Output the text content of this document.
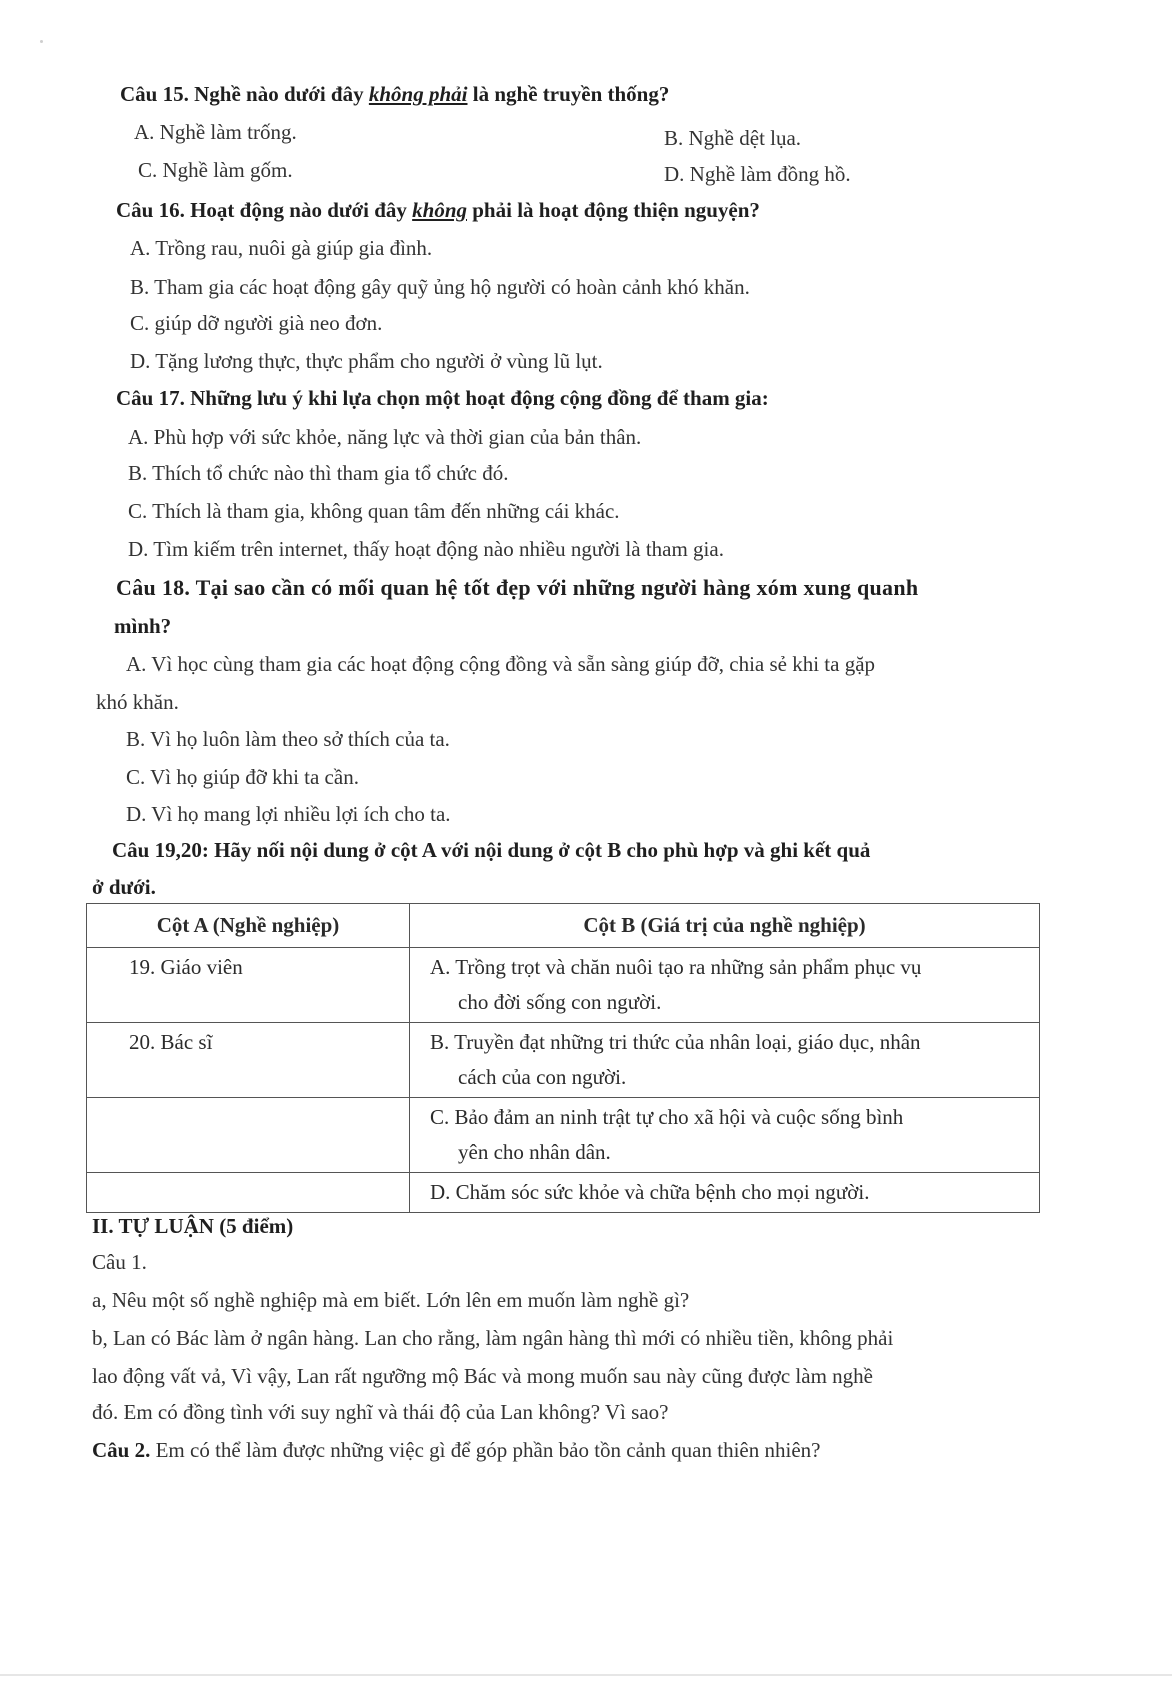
Câu 15. Nghề nào dưới đây không phải là nghề truyền thống?
A. Nghề làm trống.	B. Nghề dệt lụa.
C. Nghề làm gốm.	D. Nghề làm đồng hồ.
Câu 16. Hoạt động nào dưới đây không phải là hoạt động thiện nguyện?
A. Trồng rau, nuôi gà giúp gia đình.
B. Tham gia các hoạt động gây quỹ ủng hộ người có hoàn cảnh khó khăn.
C. giúp dỡ người già neo đơn.
D. Tặng lương thực, thực phẩm cho người ở vùng lũ lụt.
Câu 17. Những lưu ý khi lựa chọn một hoạt động cộng đồng để tham gia:
A. Phù hợp với sức khỏe, năng lực và thời gian của bản thân.
B. Thích tổ chức nào thì tham gia tổ chức đó.
C. Thích là tham gia, không quan tâm đến những cái khác.
D. Tìm kiếm trên internet, thấy hoạt động nào nhiều người là tham gia.
Câu 18. Tại sao cần có mối quan hệ tốt đẹp với những người hàng xóm xung quanh
mình?
A. Vì học cùng tham gia các hoạt động cộng đồng và sẵn sàng giúp đỡ, chia sẻ khi ta gặp
khó khăn.
B. Vì họ luôn làm theo sở thích của ta.
C. Vì họ giúp đỡ khi ta cần.
D. Vì họ mang lợi nhiều lợi ích cho ta.
Câu 19,20: Hãy nối nội dung ở cột A với nội dung ở cột B cho phù hợp và ghi kết quả
ở dưới.
Cột A (Nghề nghiệp)	Cột B (Giá trị của nghề nghiệp)
19. Giáo viên	A. Trồng trọt và chăn nuôi tạo ra những sản phẩm phục vụ
cho đời sống con người.

20. Bác sĩ	B. Truyền đạt những tri thức của nhân loại, giáo dục, nhân
cách của con người.

	C. Bảo đảm an ninh trật tự cho xã hội và cuộc sống bình
yên cho nhân dân.

	D. Chăm sóc sức khỏe và chữa bệnh cho mọi người.
II. TỰ LUẬN (5 điểm)
Câu 1.
a, Nêu một số nghề nghiệp mà em biết. Lớn lên em muốn làm nghề gì?
b, Lan có Bác làm ở ngân hàng. Lan cho rằng, làm ngân hàng thì mới có nhiều tiền, không phải
lao động vất vả, Vì vậy, Lan rất ngưỡng mộ Bác và mong muốn sau này cũng được làm nghề
đó. Em có đồng tình với suy nghĩ và thái độ của Lan không? Vì sao?
Câu 2. Em có thể làm được những việc gì để góp phần bảo tồn cảnh quan thiên nhiên?
